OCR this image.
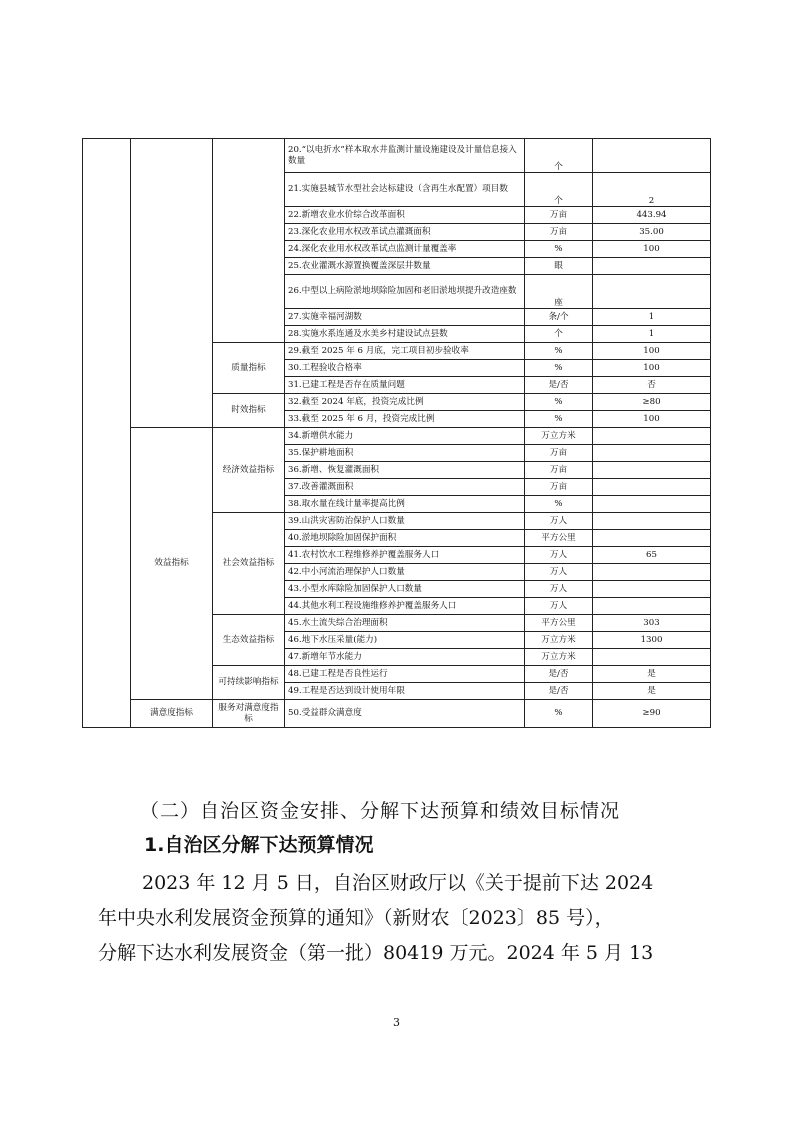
			20.“以电折水”样本取水井监测计量设施建设及计量信息接入数量	个	
			21.实施县城节水型社会达标建设（含再生水配置）项目数	个	2
			22.新增农业水价综合改革面积	万亩	443.94
			23.深化农业用水权改革试点灌溉面积	万亩	35.00
			24.深化农业用水权改革试点监测计量覆盖率	%	100
			25.农业灌溉水源置换覆盖深层井数量	眼	
			26.中型以上病险淤地坝除险加固和老旧淤地坝提升改造座数	座	
			27.实施幸福河湖数	条/个	1
			28.实施水系连通及水美乡村建设试点县数	个	1
		质量指标	29.截至 2025 年 6 月底，完工项目初步验收率	%	100
			30.工程验收合格率	%	100
			31.已建工程是否存在质量问题	是/否	否
		时效指标	32.截至 2024 年底，投资完成比例	%	≥80
			33.截至 2025 年 6 月，投资完成比例	%	100
	效益指标	经济效益指标	34.新增供水能力	万立方米	
			35.保护耕地面积	万亩	
			36.新增、恢复灌溉面积	万亩	
			37.改善灌溉面积	万亩	
			38.取水量在线计量率提高比例	%	
		社会效益指标	39.山洪灾害防治保护人口数量	万人	
			40.淤地坝除险加固保护面积	平方公里	
			41.农村饮水工程维修养护覆盖服务人口	万人	65
			42.中小河流治理保护人口数量	万人	
			43.小型水库除险加固保护人口数量	万人	
			44.其他水利工程设施维修养护覆盖服务人口	万人	
		生态效益指标	45.水土流失综合治理面积	平方公里	303
			46.地下水压采量(能力)	万立方米	1300
			47.新增年节水能力	万立方米	
		可持续影响指标	48.已建工程是否良性运行	是/否	是
			49.工程是否达到设计使用年限	是/否	是
	满意度指标	服务对满意度指标	50.受益群众满意度	%	≥90
（二）自治区资金安排、分解下达预算和绩效目标情况
1.自治区分解下达预算情况
2023 年 12 月 5 日，自治区财政厅以《关于提前下达 2024
年中央水利发展资金预算的通知》（新财农〔2023〕85 号），
分解下达水利发展资金（第一批）80419 万元。2024 年 5 月 13
3
